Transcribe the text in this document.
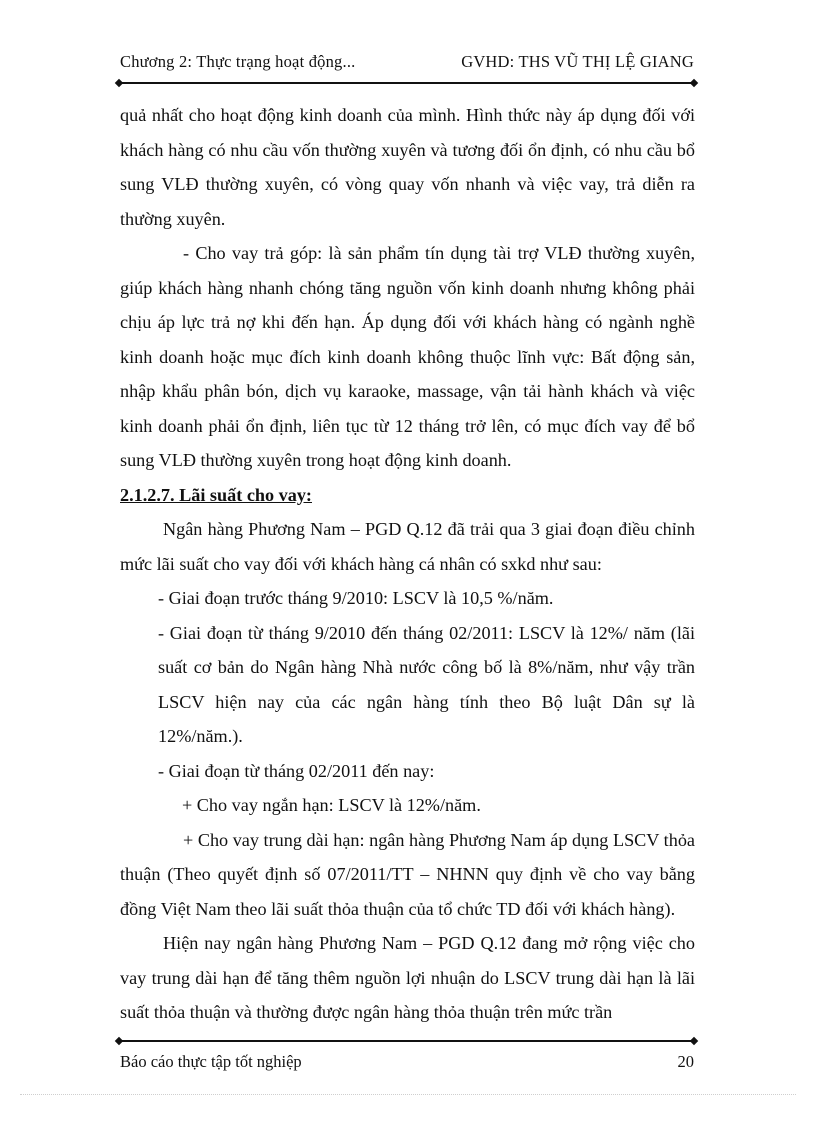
Chương 2: Thực trạng hoạt động...	GVHD: THS VŨ THỊ LỆ GIANG

quả nhất cho hoạt động kinh doanh của mình. Hình thức này áp dụng đối với khách hàng có nhu cầu vốn thường xuyên và tương đối ổn định, có nhu cầu bổ sung VLĐ thường xuyên, có vòng quay vốn nhanh và việc vay, trả diễn ra thường xuyên.

- Cho vay trả góp: là sản phẩm tín dụng tài trợ VLĐ thường xuyên, giúp khách hàng nhanh chóng tăng nguồn vốn kinh doanh nhưng không phải chịu áp lực trả nợ khi đến hạn. Áp dụng đối với khách hàng có ngành nghề kinh doanh hoặc mục đích kinh doanh không thuộc lĩnh vực: Bất động sản, nhập khẩu phân bón, dịch vụ karaoke, massage, vận tải hành khách và việc kinh doanh phải ổn định, liên tục từ 12 tháng trở lên, có mục đích vay để bổ sung VLĐ thường xuyên trong hoạt động kinh doanh.

2.1.2.7. Lãi suất cho vay:

Ngân hàng Phương Nam – PGD Q.12 đã trải qua 3 giai đoạn điều chỉnh mức lãi suất cho vay đối với khách hàng cá nhân có sxkd như sau:

- Giai đoạn trước tháng 9/2010: LSCV là 10,5 %/năm.

- Giai đoạn từ tháng 9/2010 đến tháng 02/2011: LSCV là 12%/ năm (lãi suất cơ bản do Ngân hàng Nhà nước công bố là 8%/năm, như vậy trần LSCV hiện nay của các ngân hàng tính theo Bộ luật Dân sự là 12%/năm.).

- Giai đoạn từ tháng 02/2011 đến nay:

+ Cho vay ngắn hạn: LSCV là 12%/năm.

+ Cho vay trung dài hạn: ngân hàng Phương Nam áp dụng LSCV thỏa thuận (Theo quyết định số 07/2011/TT – NHNN quy định về cho vay bằng đồng Việt Nam theo lãi suất thỏa thuận của tổ chức TD đối với khách hàng).

Hiện nay ngân hàng Phương Nam – PGD Q.12 đang mở rộng việc cho vay trung dài hạn để tăng thêm nguồn lợi nhuận do LSCV trung dài hạn là lãi suất thỏa thuận và thường được ngân hàng thỏa thuận trên mức trần

Báo cáo thực tập tốt nghiệp	20
